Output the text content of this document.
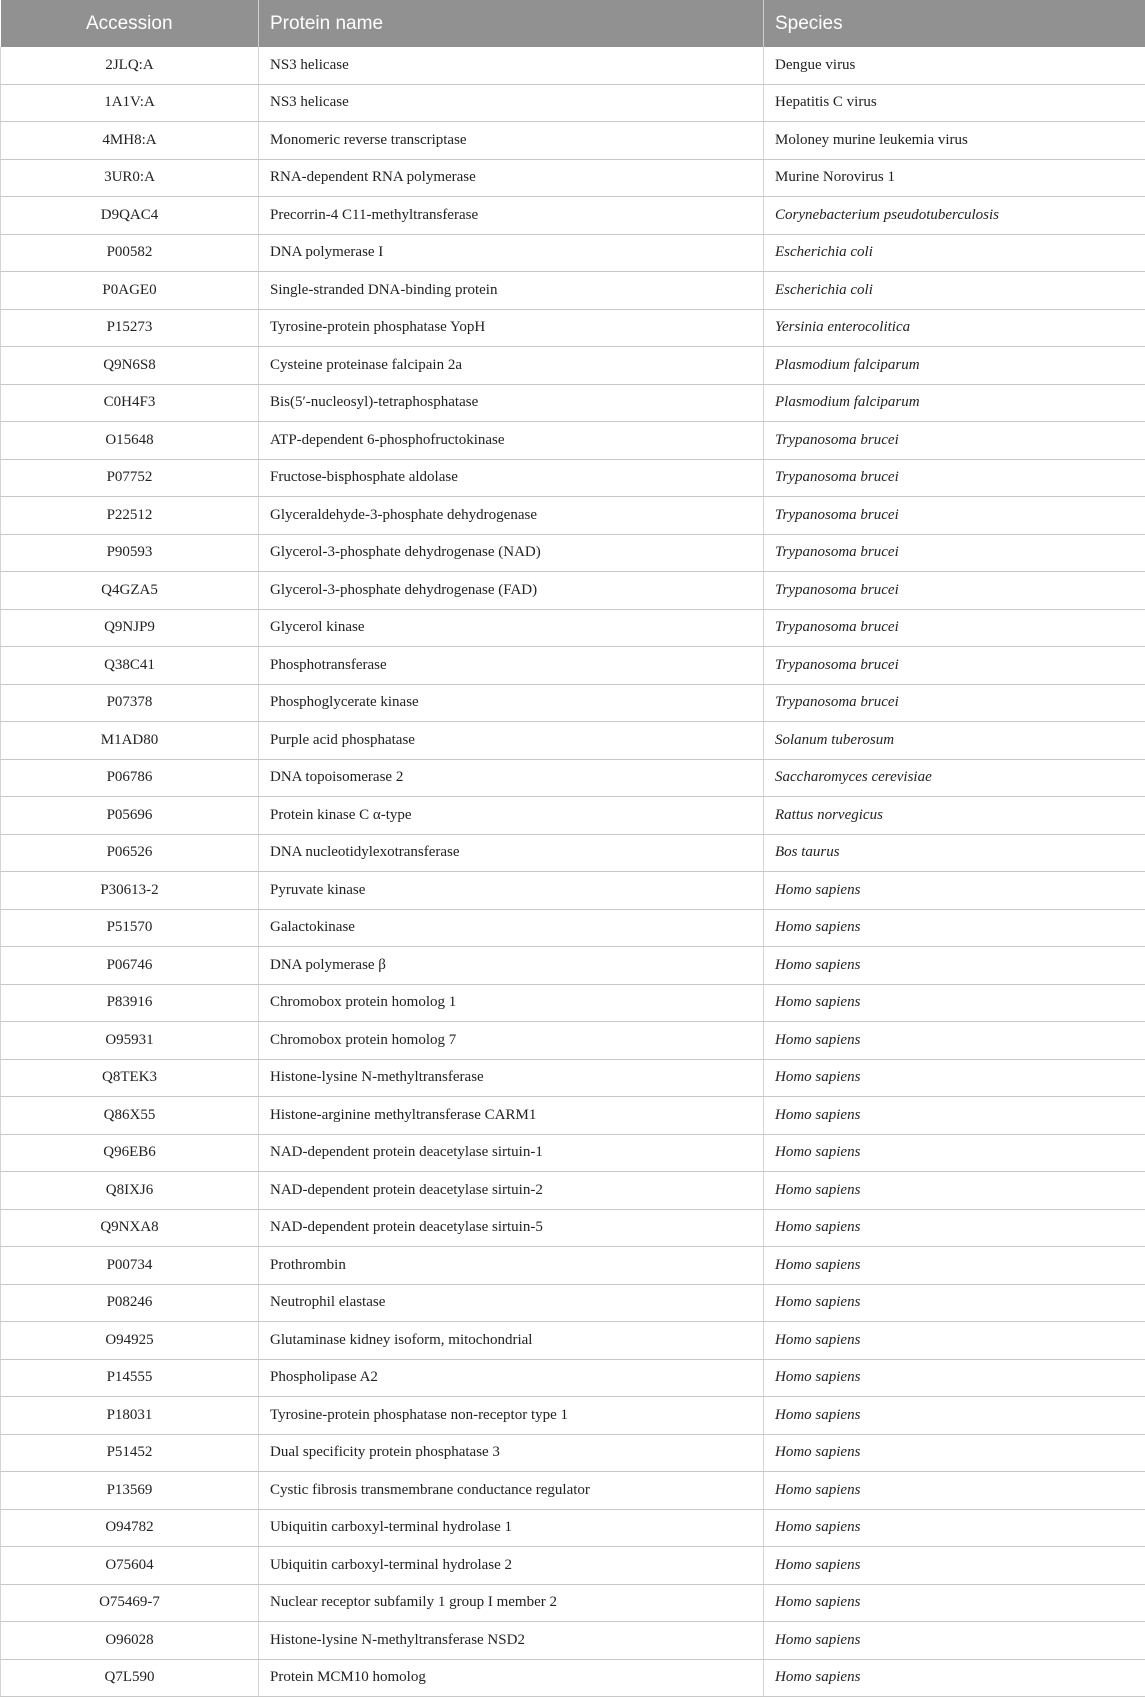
Accession	Protein name	Species
2JLQ:A	NS3 helicase	Dengue virus
1A1V:A	NS3 helicase	Hepatitis C virus
4MH8:A	Monomeric reverse transcriptase	Moloney murine leukemia virus
3UR0:A	RNA-dependent RNA polymerase	Murine Norovirus 1
D9QAC4	Precorrin-4 C11-methyltransferase	Corynebacterium pseudotuberculosis
P00582	DNA polymerase I	Escherichia coli
P0AGE0	Single-stranded DNA-binding protein	Escherichia coli
P15273	Tyrosine-protein phosphatase YopH	Yersinia enterocolitica
Q9N6S8	Cysteine proteinase falcipain 2a	Plasmodium falciparum
C0H4F3	Bis(5′-nucleosyl)-tetraphosphatase	Plasmodium falciparum
O15648	ATP-dependent 6-phosphofructokinase	Trypanosoma brucei
P07752	Fructose-bisphosphate aldolase	Trypanosoma brucei
P22512	Glyceraldehyde-3-phosphate dehydrogenase	Trypanosoma brucei
P90593	Glycerol-3-phosphate dehydrogenase (NAD)	Trypanosoma brucei
Q4GZA5	Glycerol-3-phosphate dehydrogenase (FAD)	Trypanosoma brucei
Q9NJP9	Glycerol kinase	Trypanosoma brucei
Q38C41	Phosphotransferase	Trypanosoma brucei
P07378	Phosphoglycerate kinase	Trypanosoma brucei
M1AD80	Purple acid phosphatase	Solanum tuberosum
P06786	DNA topoisomerase 2	Saccharomyces cerevisiae
P05696	Protein kinase C α-type	Rattus norvegicus
P06526	DNA nucleotidylexotransferase	Bos taurus
P30613-2	Pyruvate kinase	Homo sapiens
P51570	Galactokinase	Homo sapiens
P06746	DNA polymerase β	Homo sapiens
P83916	Chromobox protein homolog 1	Homo sapiens
O95931	Chromobox protein homolog 7	Homo sapiens
Q8TEK3	Histone-lysine N-methyltransferase	Homo sapiens
Q86X55	Histone-arginine methyltransferase CARM1	Homo sapiens
Q96EB6	NAD-dependent protein deacetylase sirtuin-1	Homo sapiens
Q8IXJ6	NAD-dependent protein deacetylase sirtuin-2	Homo sapiens
Q9NXA8	NAD-dependent protein deacetylase sirtuin-5	Homo sapiens
P00734	Prothrombin	Homo sapiens
P08246	Neutrophil elastase	Homo sapiens
O94925	Glutaminase kidney isoform, mitochondrial	Homo sapiens
P14555	Phospholipase A2	Homo sapiens
P18031	Tyrosine-protein phosphatase non-receptor type 1	Homo sapiens
P51452	Dual specificity protein phosphatase 3	Homo sapiens
P13569	Cystic fibrosis transmembrane conductance regulator	Homo sapiens
O94782	Ubiquitin carboxyl-terminal hydrolase 1	Homo sapiens
O75604	Ubiquitin carboxyl-terminal hydrolase 2	Homo sapiens
O75469-7	Nuclear receptor subfamily 1 group I member 2	Homo sapiens
O96028	Histone-lysine N-methyltransferase NSD2	Homo sapiens
Q7L590	Protein MCM10 homolog	Homo sapiens
